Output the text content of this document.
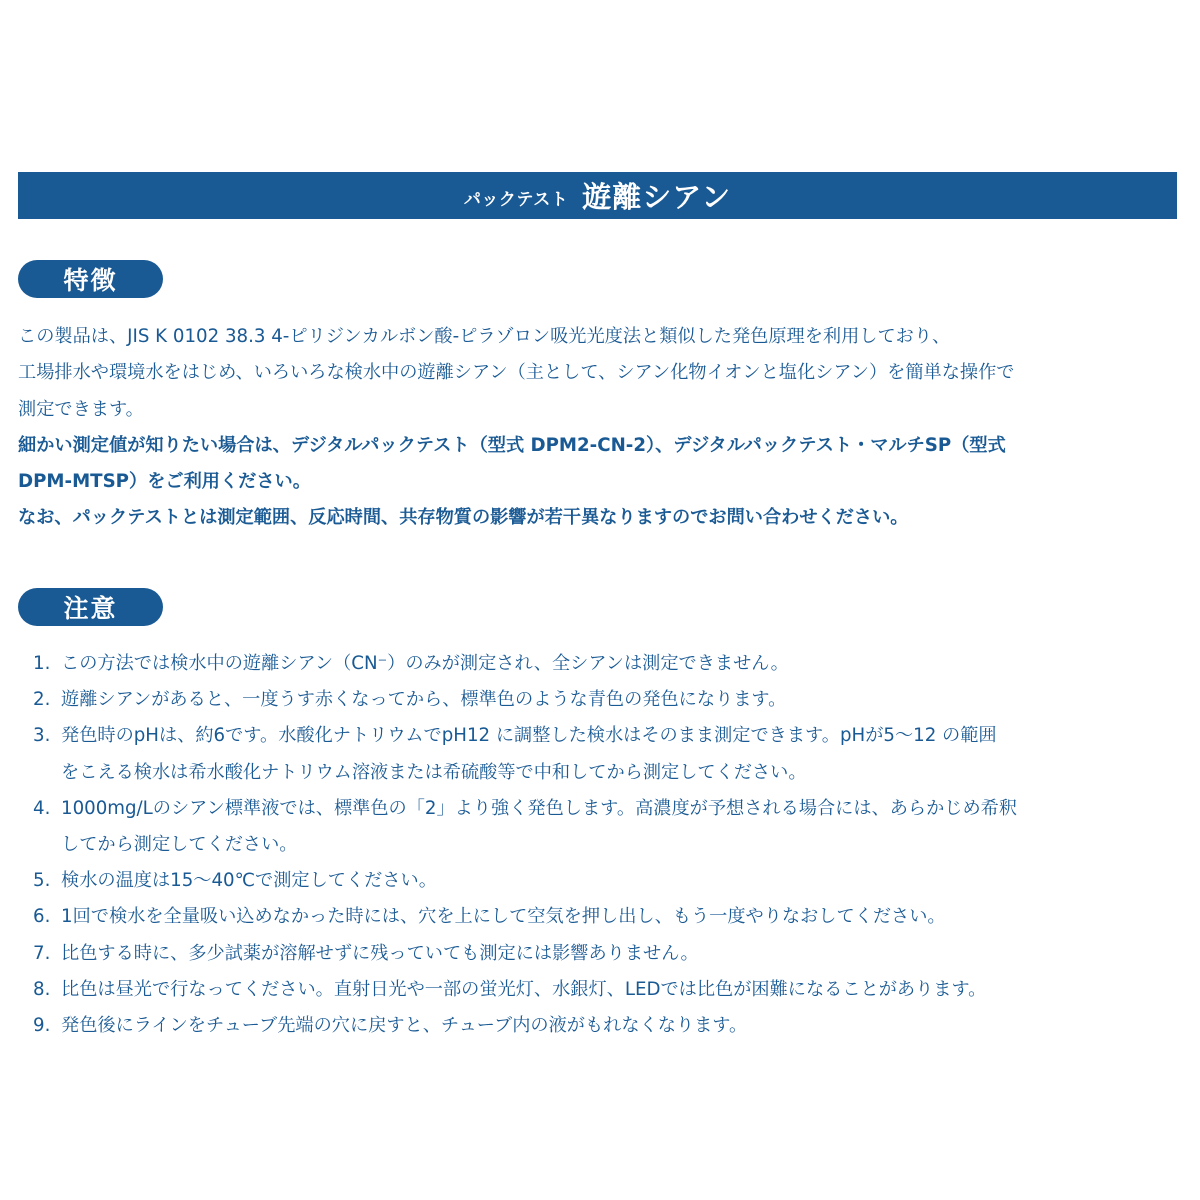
パックテスト 遊離シアン
特徴
この製品は、JIS K 0102 38.3 4-ピリジンカルボン酸-ピラゾロン吸光光度法と類似した発色原理を利用しており、
工場排水や環境水をはじめ、いろいろな検水中の遊離シアン（主として、シアン化物イオンと塩化シアン）を簡単な操作で
測定できます。
細かい測定値が知りたい場合は、デジタルパックテスト（型式 DPM2-CN-2）、デジタルパックテスト・マルチSP（型式
DPM-MTSP）をご利用ください。
なお、パックテストとは測定範囲、反応時間、共存物質の影響が若干異なりますのでお問い合わせください。
注意
1. この方法では検水中の遊離シアン（CN⁻）のみが測定され、全シアンは測定できません。
2. 遊離シアンがあると、一度うす赤くなってから、標準色のような青色の発色になります。
3. 発色時のpHは、約6です。水酸化ナトリウムでpH12 に調整した検水はそのまま測定できます。pHが5～12 の範囲
をこえる検水は希水酸化ナトリウム溶液または希硫酸等で中和してから測定してください。
4. 1000mg/Lのシアン標準液では、標準色の「2」より強く発色します。高濃度が予想される場合には、あらかじめ希釈
してから測定してください。
5. 検水の温度は15～40℃で測定してください。
6. 1回で検水を全量吸い込めなかった時には、穴を上にして空気を押し出し、もう一度やりなおしてください。
7. 比色する時に、多少試薬が溶解せずに残っていても測定には影響ありません。
8. 比色は昼光で行なってください。直射日光や一部の蛍光灯、水銀灯、LEDでは比色が困難になることがあります。
9. 発色後にラインをチューブ先端の穴に戻すと、チューブ内の液がもれなくなります。
